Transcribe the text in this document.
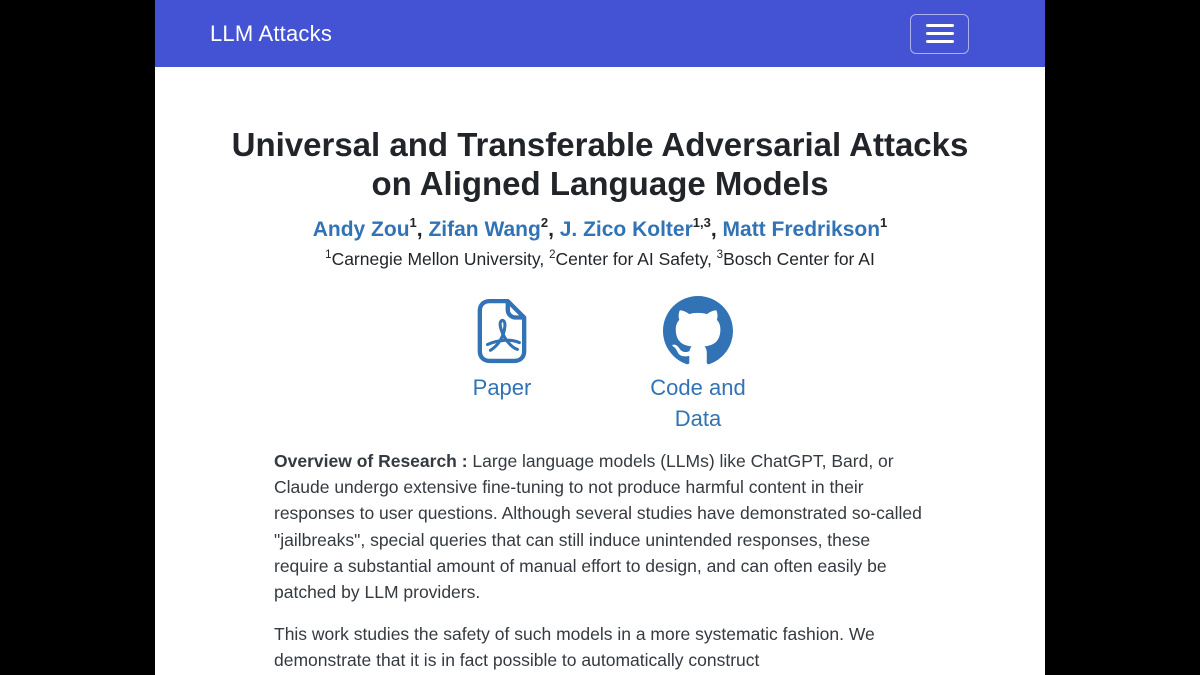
LLM Attacks
Universal and Transferable Adversarial Attacks
on Aligned Language Models
Andy Zou$^1$, Zifan Wang$^2$, J. Zico Kolter$^{1,3}$, Matt Fredrikson$^1$
$^1$Carnegie Mellon University, $^2$Center for AI Safety, $^3$Bosch Center for AI
Paper	Code and Data

Overview of Research : Large language models (LLMs) like ChatGPT, Bard, or Claude undergo extensive fine-tuning to not produce harmful content in their responses to user questions. Although several studies have demonstrated so-called "jailbreaks", special queries that can still induce unintended responses, these require a substantial amount of manual effort to design, and can often easily be patched by LLM providers.

This work studies the safety of such models in a more systematic fashion. We demonstrate that it is in fact possible to automatically construct
